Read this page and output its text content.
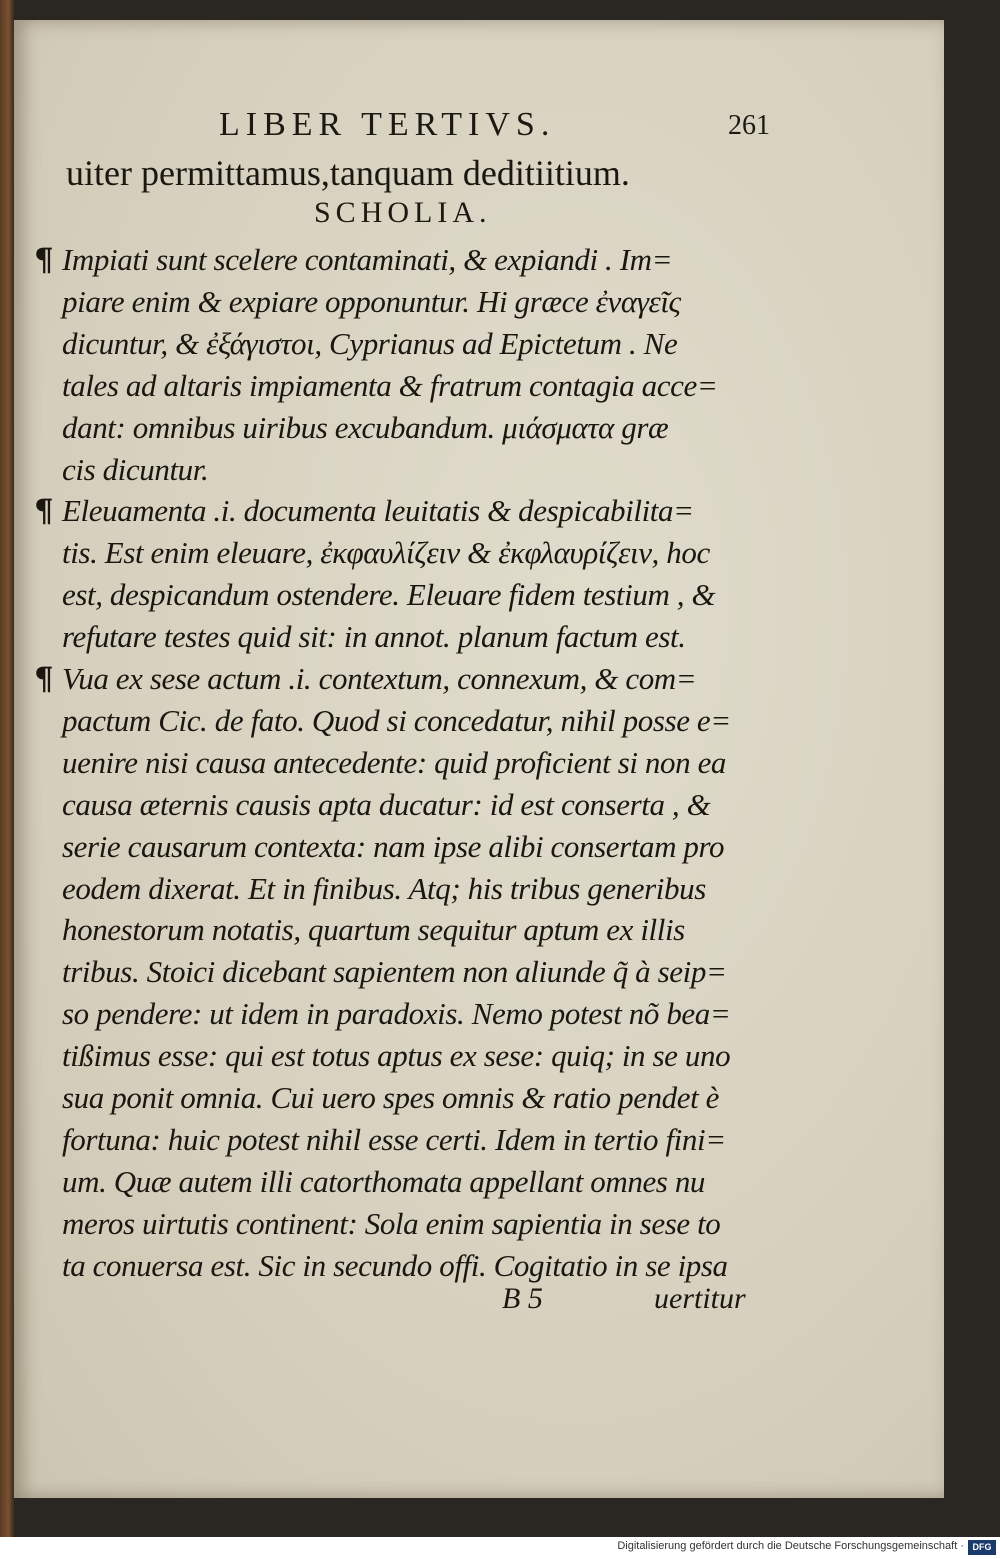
LIBER TERTIVS.	261
uiter permittamus,tanquam deditiitium.
SCHOLIA.
Impiati sunt scelere contaminati, & expiandi . Im=
¶
piare enim & expiare opponuntur. Hi græce ἐναγεῖς
dicuntur, & ἐξάγιστοι, Cyprianus ad Epictetum . Ne
tales ad altaris impiamenta & fratrum contagia acce=
dant: omnibus uiribus excubandum. μιάσματα græ
cis dicuntur.
Eleuamenta .i. documenta leuitatis & despicabilita=
¶
tis. Est enim eleuare, ἐκφαυλίζειν & ἐκφλαυρίζειν, hoc
est, despicandum ostendere. Eleuare fidem testium , &
refutare testes quid sit: in annot. planum factum est.
Vua ex sese actum .i. contextum, connexum, & com=
¶
pactum Cic. de fato. Quod si concedatur, nihil posse e=
uenire nisi causa antecedente: quid proficient si non ea
causa æternis causis apta ducatur: id est conserta , &
serie causarum contexta: nam ipse alibi consertam pro
eodem dixerat. Et in finibus. Atq; his tribus generibus
honestorum notatis, quartum sequitur aptum ex illis
tribus. Stoici dicebant sapientem non aliunde q̃ à seip=
so pendere: ut idem in paradoxis. Nemo potest nõ bea=
tißimus esse: qui est totus aptus ex sese: quiq; in se uno
sua ponit omnia. Cui uero spes omnis & ratio pendet è
fortuna: huic potest nihil esse certi. Idem in tertio fini=
um. Quæ autem illi catorthomata appellant omnes nu
meros uirtutis continent: Sola enim sapientia in sese to
ta conuersa est. Sic in secundo offi. Cogitatio in se ipsa
B 5	uertitur
Digitalisierung gefördert durch die Deutsche Forschungsgemeinschaft · DFG
